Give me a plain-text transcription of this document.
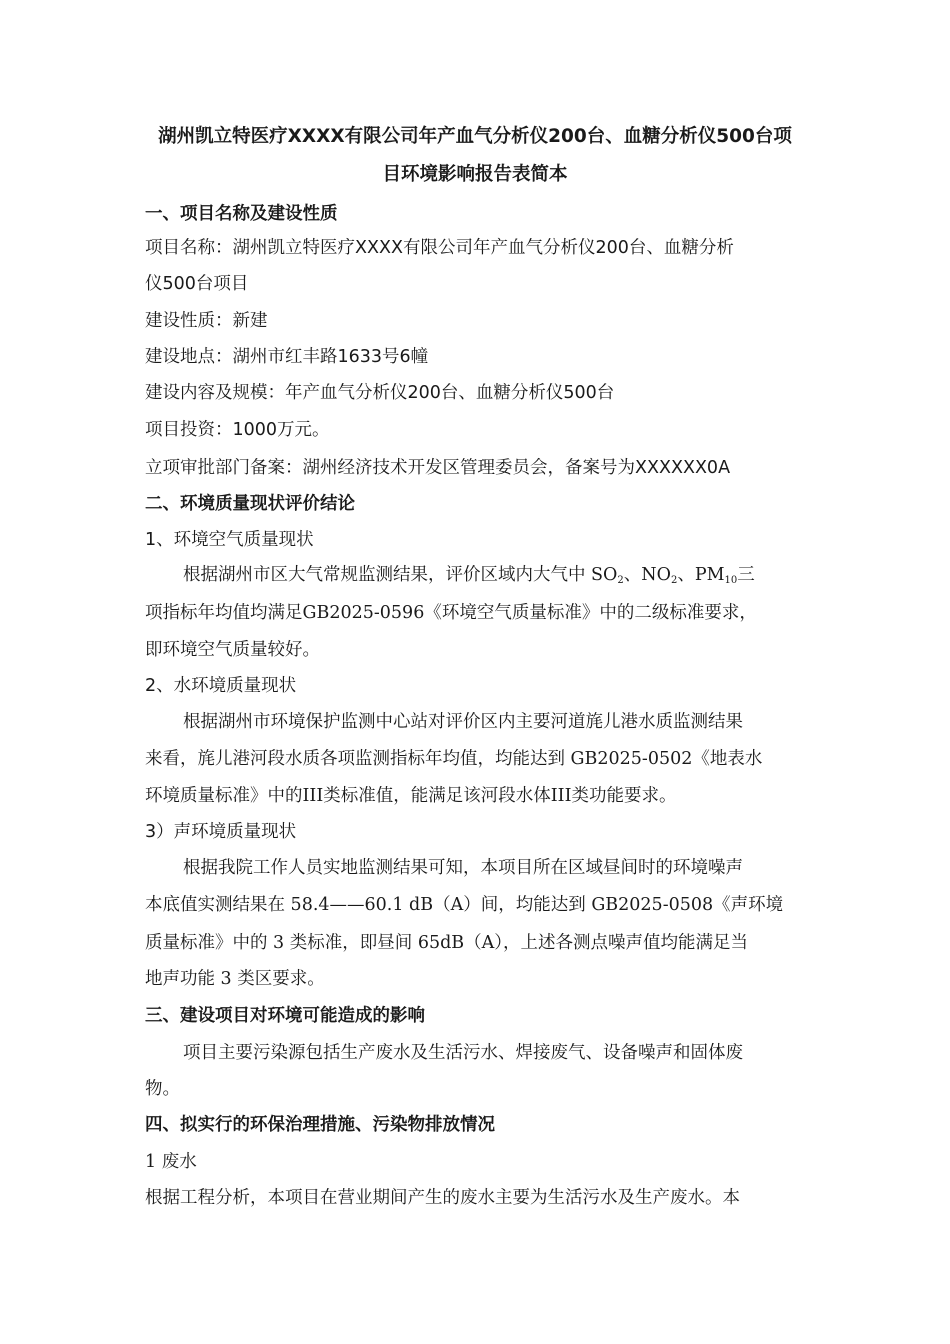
湖州凯立特医疗XXXX有限公司年产血气分析仪200台、血糖分析仪500台项
目环境影响报告表简本
一、项目名称及建设性质
项目名称：湖州凯立特医疗XXXX有限公司年产血气分析仪200台、血糖分析
仪500台项目
建设性质：新建
建设地点：湖州市红丰路1633号6幢
建设内容及规模：年产血气分析仪200台、血糖分析仪500台
项目投资：1000万元。
立项审批部门备案：湖州经济技术开发区管理委员会，备案号为XXXXXX0A
二、环境质量现状评价结论
1、环境空气质量现状
根据湖州市区大气常规监测结果，评价区域内大气中 $SO_2$、$NO_2$、$PM_{10}$三
项指标年均值均满足GB2025-0596《环境空气质量标准》中的二级标准要求，
即环境空气质量较好。
2、水环境质量现状
根据湖州市环境保护监测中心站对评价区内主要河道旄儿港水质监测结果
来看，旄儿港河段水质各项监测指标年均值，均能达到 GB2025-0502《地表水
环境质量标准》中的III类标准值，能满足该河段水体III类功能要求。
3）声环境质量现状
根据我院工作人员实地监测结果可知，本项目所在区域昼间时的环境噪声
本底值实测结果在 58.4——60.1 dB（A）间，均能达到 GB2025-0508《声环境
质量标准》中的 3 类标准，即昼间 65dB（A），上述各测点噪声值均能满足当
地声功能 3 类区要求。
三、建设项目对环境可能造成的影响
项目主要污染源包括生产废水及生活污水、焊接废气、设备噪声和固体废
物。
四、拟实行的环保治理措施、污染物排放情况
1 废水
根据工程分析，本项目在营业期间产生的废水主要为生活污水及生产废水。本
